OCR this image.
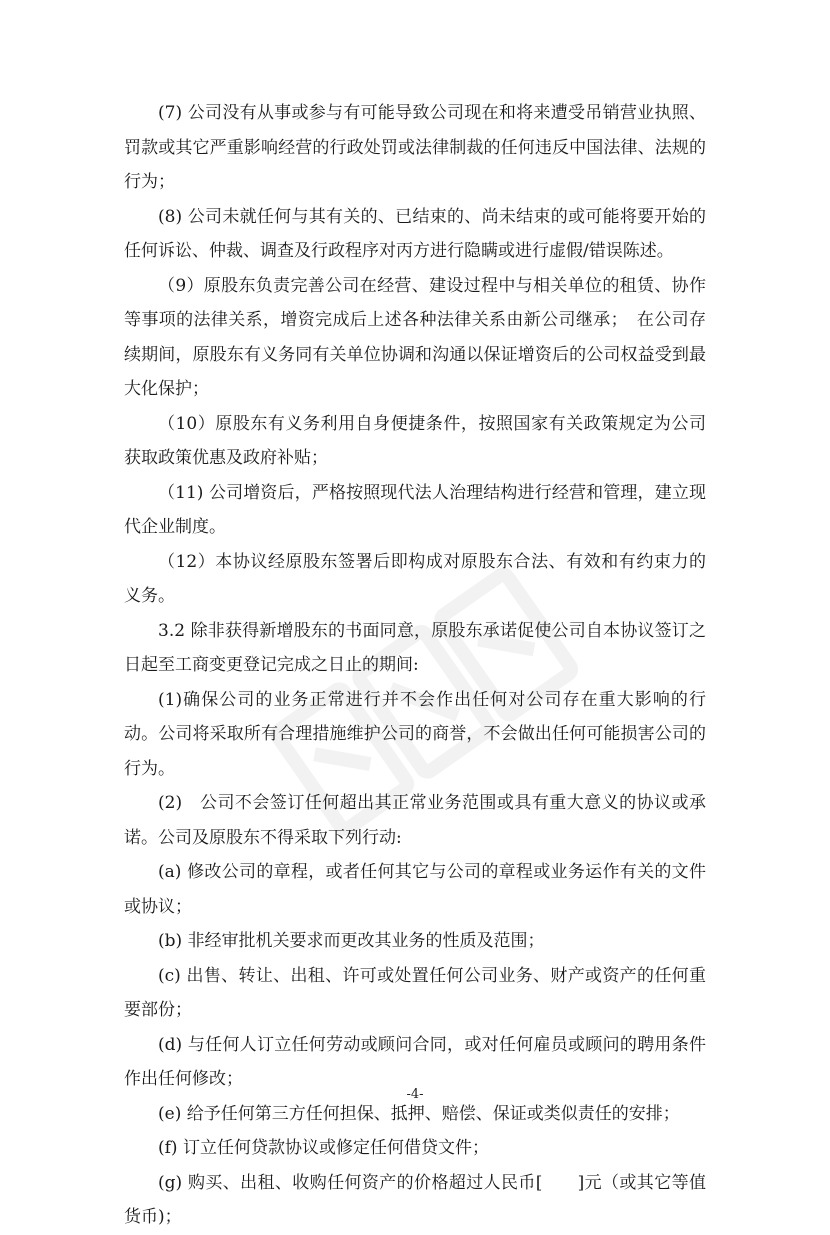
(7) 公司没有从事或参与有可能导致公司现在和将来遭受吊销营业执照、罚款或其它严重影响经营的行政处罚或法律制裁的任何违反中国法律、法规的行为；

(8) 公司未就任何与其有关的、已结束的、尚未结束的或可能将要开始的任何诉讼、仲裁、调查及行政程序对丙方进行隐瞒或进行虚假/错误陈述。

（9）原股东负责完善公司在经营、建设过程中与相关单位的租赁、协作等事项的法律关系，增资完成后上述各种法律关系由新公司继承；　在公司存续期间，原股东有义务同有关单位协调和沟通以保证增资后的公司权益受到最大化保护；

（10）原股东有义务利用自身便捷条件，按照国家有关政策规定为公司获取政策优惠及政府补贴；

（11) 公司增资后，严格按照现代法人治理结构进行经营和管理，建立现代企业制度。

（12）本协议经原股东签署后即构成对原股东合法、有效和有约束力的义务。

3.2 除非获得新增股东的书面同意，原股东承诺促使公司自本协议签订之日起至工商变更登记完成之日止的期间:

(1)确保公司的业务正常进行并不会作出任何对公司存在重大影响的行动。公司将采取所有合理措施维护公司的商誉，不会做出任何可能损害公司的行为。

(2)　公司不会签订任何超出其正常业务范围或具有重大意义的协议或承诺。公司及原股东不得采取下列行动:

(a) 修改公司的章程，或者任何其它与公司的章程或业务运作有关的文件或协议；

(b) 非经审批机关要求而更改其业务的性质及范围；

(c) 出售、转让、出租、许可或处置任何公司业务、财产或资产的任何重要部份；

(d) 与任何人订立任何劳动或顾问合同，或对任何雇员或顾问的聘用条件作出任何修改；

(e) 给予任何第三方任何担保、抵押、赔偿、保证或类似责任的安排；

(f) 订立任何贷款协议或修定任何借贷文件；

(g) 购买、出租、收购任何资产的价格超过人民币[　　]元（或其它等值货币)；

-4-
